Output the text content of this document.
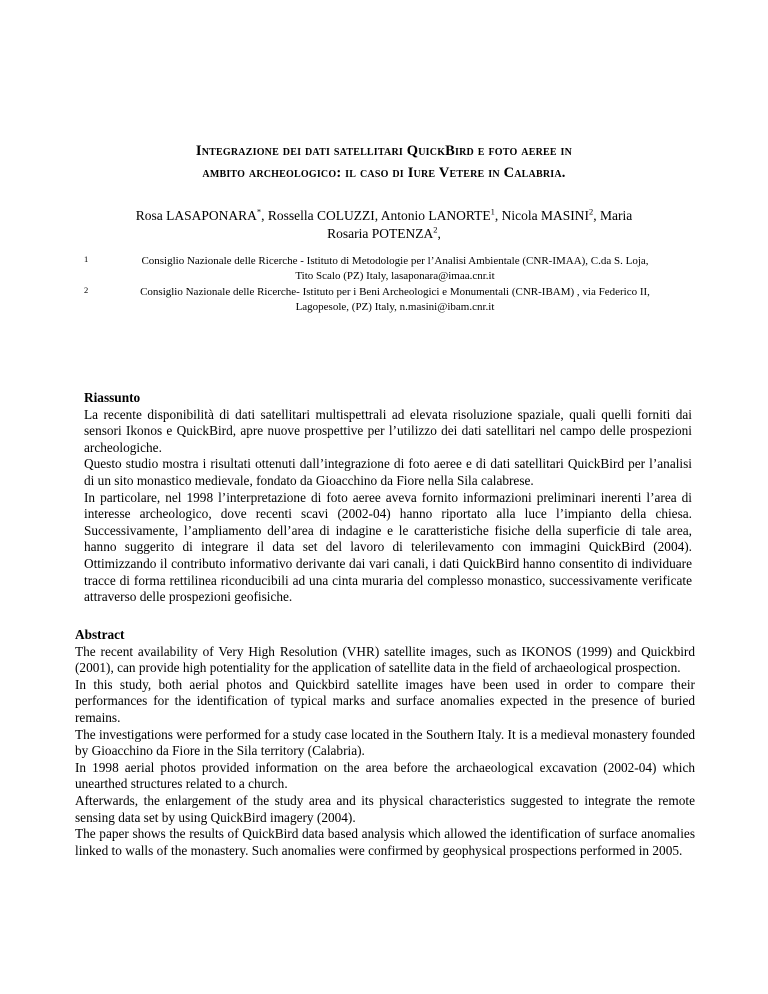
Integrazione dei dati satellitari QuickBird e foto aeree in
ambito archeologico: il caso di Iure Vetere in Calabria.
Rosa LASAPONARA*, Rossella COLUZZI, Antonio LANORTE$^1$, Nicola MASINI$^2$, Maria
Rosaria POTENZA$^2$,
1	Consiglio Nazionale delle Ricerche - Istituto di Metodologie per l’Analisi Ambientale (CNR-IMAA), C.da S. Loja,
Tito Scalo (PZ) Italy, lasaponara@imaa.cnr.it
2	Consiglio Nazionale delle Ricerche- Istituto per i Beni Archeologici e Monumentali (CNR-IBAM) , via Federico II,
Lagopesole, (PZ) Italy, n.masini@ibam.cnr.it
Riassunto

La recente disponibilità di dati satellitari multispettrali ad elevata risoluzione spaziale, quali quelli forniti dai sensori Ikonos e QuickBird, apre nuove prospettive per l’utilizzo dei dati satellitari nel campo delle prospezioni archeologiche.

Questo studio mostra i risultati ottenuti dall’integrazione di foto aeree e di dati satellitari QuickBird per l’analisi di un sito monastico medievale, fondato da Gioacchino da Fiore nella Sila calabrese.

In particolare, nel 1998 l’interpretazione di foto aeree aveva fornito informazioni preliminari inerenti l’area di interesse archeologico, dove recenti scavi (2002-04) hanno riportato alla luce l’impianto della chiesa. Successivamente, l’ampliamento dell’area di indagine e le caratteristiche fisiche della superficie di tale area, hanno suggerito di integrare il data set del lavoro di telerilevamento con immagini QuickBird (2004). Ottimizzando il contributo informativo derivante dai vari canali, i dati QuickBird hanno consentito di individuare tracce di forma rettilinea riconducibili ad una cinta muraria del complesso monastico, successivamente verificate attraverso delle prospezioni geofisiche.

Abstract

The recent availability of Very High Resolution (VHR) satellite images, such as IKONOS (1999) and Quickbird (2001), can provide high potentiality for the application of satellite data in the field of archaeological prospection.

In this study, both aerial photos and Quickbird satellite images have been used in order to compare their performances for the identification of typical marks and surface anomalies expected in the presence of buried remains.

The investigations were performed for a study case located in the Southern Italy. It is a medieval monastery founded by Gioacchino da Fiore in the Sila territory (Calabria).

In 1998 aerial photos provided information on the area before the archaeological excavation (2002-04) which unearthed structures related to a church.

Afterwards, the enlargement of the study area and its physical characteristics suggested to integrate the remote sensing data set by using QuickBird imagery (2004).

The paper shows the results of QuickBird data based analysis which allowed the identification of surface anomalies linked to walls of the monastery. Such anomalies were confirmed by geophysical prospections performed in 2005.
